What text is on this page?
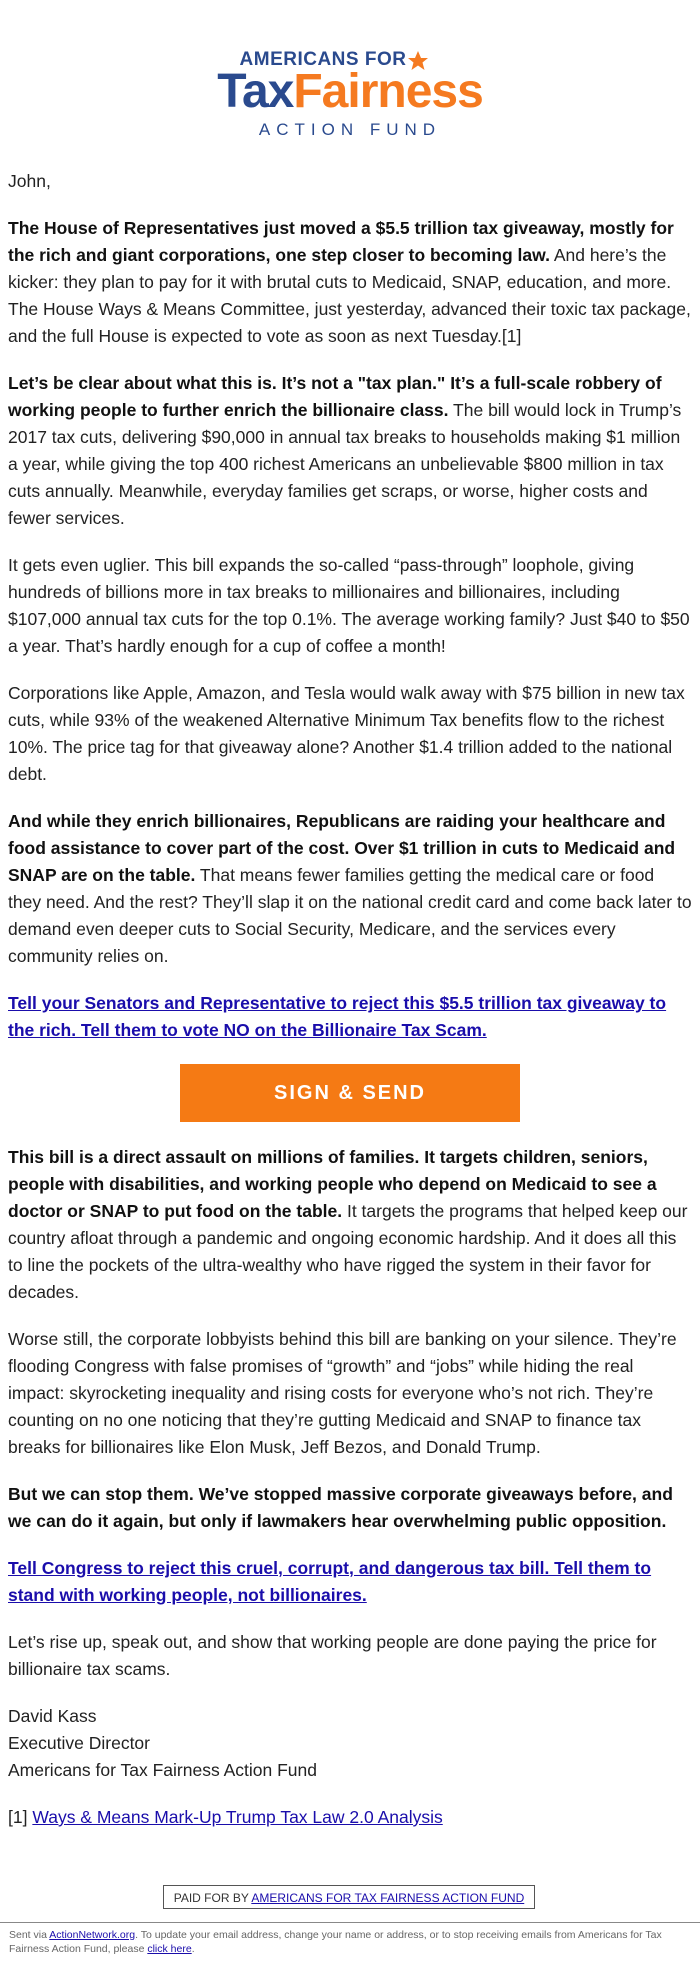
AMERICANS FOR
TaxFairness
ACTION FUND

John,

The House of Representatives just moved a $5.5 trillion tax giveaway, mostly for the rich and giant corporations, one step closer to becoming law. And here’s the kicker: they plan to pay for it with brutal cuts to Medicaid, SNAP, education, and more. The House Ways & Means Committee, just yesterday, advanced their toxic tax package, and the full House is expected to vote as soon as next Tuesday.[1]

Let’s be clear about what this is. It’s not a "tax plan." It’s a full-scale robbery of working people to further enrich the billionaire class. The bill would lock in Trump’s 2017 tax cuts, delivering $90,000 in annual tax breaks to households making $1 million a year, while giving the top 400 richest Americans an unbelievable $800 million in tax cuts annually. Meanwhile, everyday families get scraps, or worse, higher costs and fewer services.

It gets even uglier. This bill expands the so-called “pass-through” loophole, giving hundreds of billions more in tax breaks to millionaires and billionaires, including $107,000 annual tax cuts for the top 0.1%. The average working family? Just $40 to $50 a year. That’s hardly enough for a cup of coffee a month!

Corporations like Apple, Amazon, and Tesla would walk away with $75 billion in new tax cuts, while 93% of the weakened Alternative Minimum Tax benefits flow to the richest 10%. The price tag for that giveaway alone? Another $1.4 trillion added to the national debt.

And while they enrich billionaires, Republicans are raiding your healthcare and food assistance to cover part of the cost. Over $1 trillion in cuts to Medicaid and SNAP are on the table. That means fewer families getting the medical care or food they need. And the rest? They’ll slap it on the national credit card and come back later to demand even deeper cuts to Social Security, Medicare, and the services every community relies on.

Tell your Senators and Representative to reject this $5.5 trillion tax giveaway to the rich. Tell them to vote NO on the Billionaire Tax Scam.

SIGN & SEND

This bill is a direct assault on millions of families. It targets children, seniors, people with disabilities, and working people who depend on Medicaid to see a doctor or SNAP to put food on the table. It targets the programs that helped keep our country afloat through a pandemic and ongoing economic hardship. And it does all this to line the pockets of the ultra-wealthy who have rigged the system in their favor for decades.

Worse still, the corporate lobbyists behind this bill are banking on your silence. They’re flooding Congress with false promises of “growth” and “jobs” while hiding the real impact: skyrocketing inequality and rising costs for everyone who’s not rich. They’re counting on no one noticing that they’re gutting Medicaid and SNAP to finance tax breaks for billionaires like Elon Musk, Jeff Bezos, and Donald Trump.

But we can stop them. We’ve stopped massive corporate giveaways before, and we can do it again, but only if lawmakers hear overwhelming public opposition.

Tell Congress to reject this cruel, corrupt, and dangerous tax bill. Tell them to stand with working people, not billionaires.

Let’s rise up, speak out, and show that working people are done paying the price for billionaire tax scams.

David Kass

Executive Director

Americans for Tax Fairness Action Fund

[1] Ways & Means Mark-Up Trump Tax Law 2.0 Analysis

PAID FOR BY AMERICANS FOR TAX FAIRNESS ACTION FUND
Sent via ActionNetwork.org. To update your email address, change your name or address, or to stop receiving emails from Americans for Tax Fairness Action Fund, please click here.
